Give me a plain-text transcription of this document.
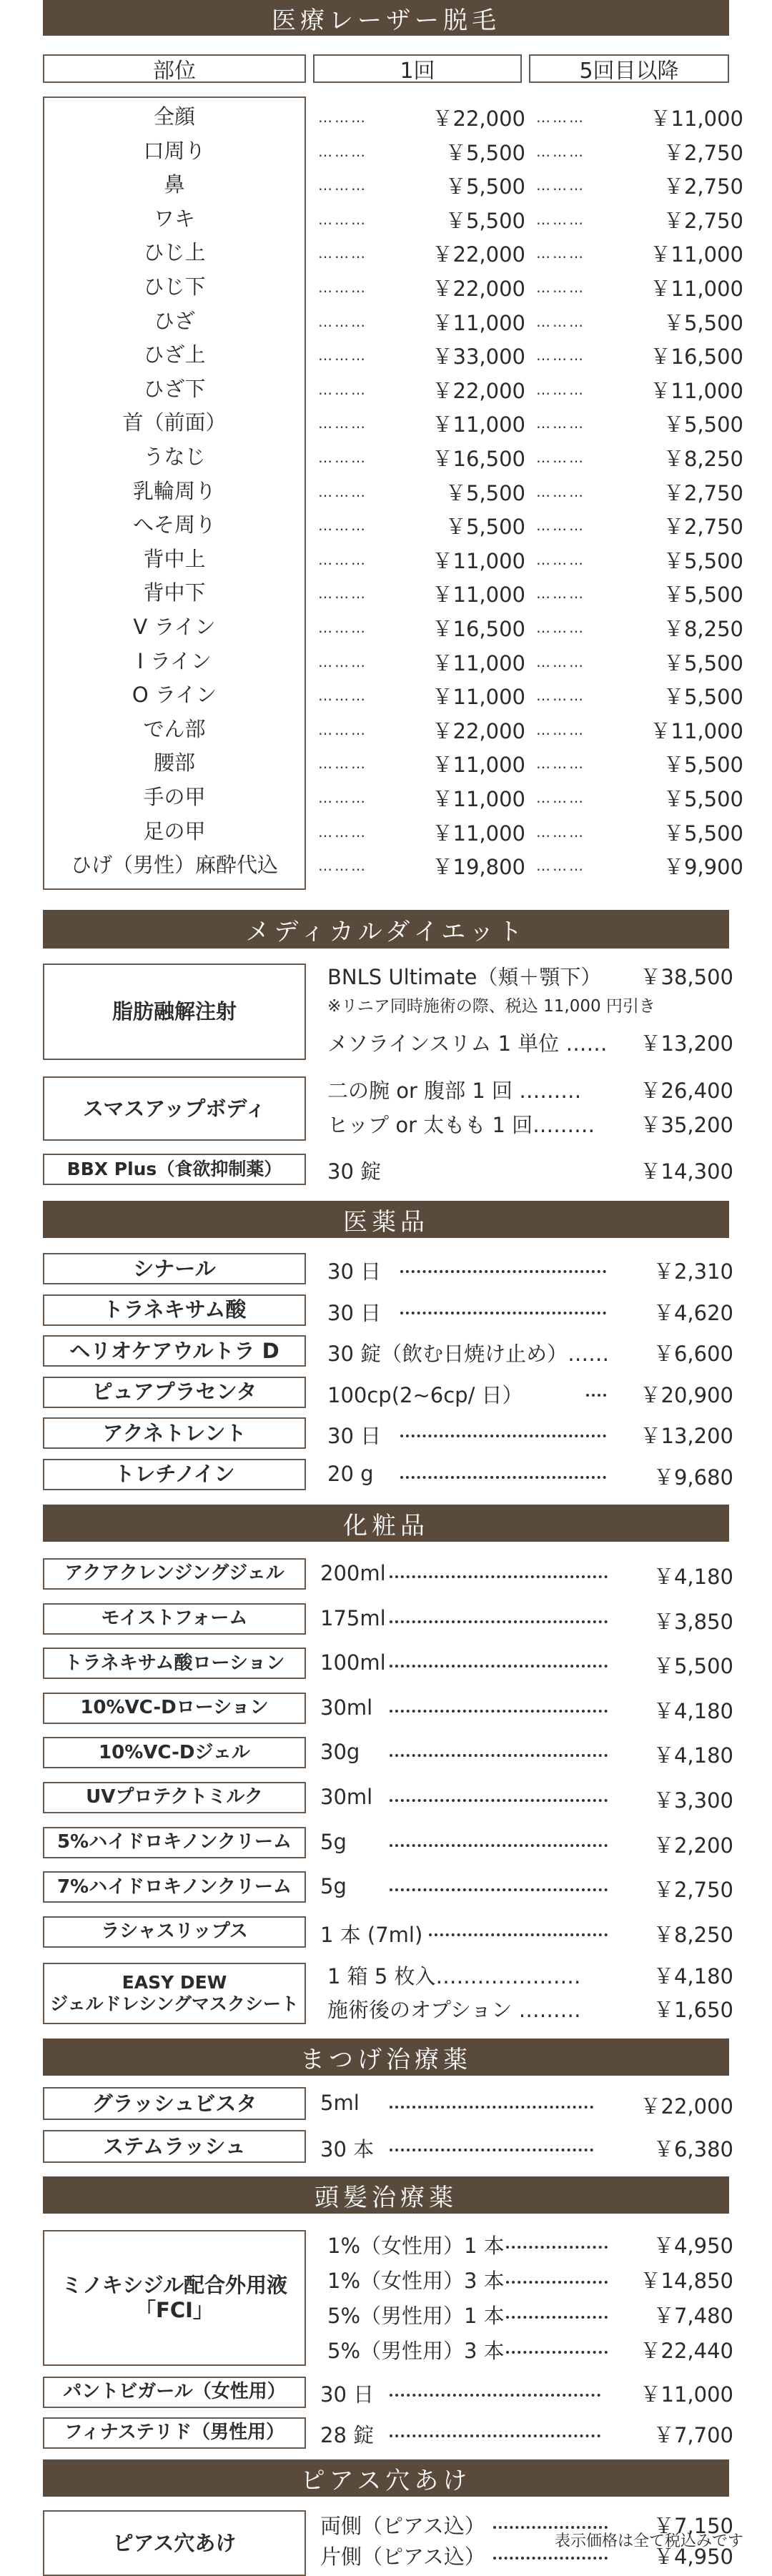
医療レーザー脱毛
部位	1回	5回目以降
全顔	………	￥22,000 ………	￥11,000
口周り	………	￥5,500 ………	￥2,750
鼻	………	￥5,500 ………	￥2,750
ワキ	………	￥5,500 ………	￥2,750
ひじ上	………	￥22,000 ………	￥11,000
ひじ下	………	￥22,000 ………	￥11,000
ひざ	………	￥11,000 ………	￥5,500
ひざ上	………	￥33,000 ………	￥16,500
ひざ下	………	￥22,000 ………	￥11,000
首（前面）	………	￥11,000 ………	￥5,500
うなじ	………	￥16,500 ………	￥8,250
乳輪周り	………	￥5,500 ………	￥2,750
へそ周り	………	￥5,500 ………	￥2,750
背中上	………	￥11,000 ………	￥5,500
背中下	………	￥11,000 ………	￥5,500
V ライン	………	￥16,500 ………	￥8,250
I ライン	………	￥11,000 ………	￥5,500
O ライン	………	￥11,000 ………	￥5,500
でん部	………	￥22,000 ………	￥11,000
腰部	………	￥11,000 ………	￥5,500
手の甲	………	￥11,000 ………	￥5,500
足の甲	………	￥11,000 ………	￥5,500
ひげ（男性）麻酔代込	………	￥19,800 ………	￥9,900
メディカルダイエット
脂肪融解注射
BNLS Ultimate（頬＋顎下） ￥38,500
※リニア同時施術の際、税込 11,000 円引き
メソラインスリム 1 単位 …… ￥13,200
スマスアップボディ
二の腕 or 腹部 1 回 ………	￥26,400
ヒップ or 太もも 1 回……… ￥35,200
BBX Plus（食欲抑制薬）	30 錠	￥14,300
医薬品
シナール	30 日	￥2,310
トラネキサム酸	30 日	￥4,620
ヘリオケアウルトラ D	30 錠（飲む日焼け止め）…… ￥6,600
ピュアプラセンタ	100cp(2~6cp/ 日）	￥20,900
アクネトレント	30 日	￥13,200
トレチノイン	20 g	￥9,680
化粧品
アクアクレンジングジェル	200ml	￥4,180
モイストフォーム	175ml	￥3,850
トラネキサム酸ローション	100ml	￥5,500
10%VC-Dローション	30ml	￥4,180
10%VC-Dジェル	30g	￥4,180
UVプロテクトミルク	30ml	￥3,300
5%ハイドロキノンクリーム	5g	￥2,200
7%ハイドロキノンクリーム	5g	￥2,750
ラシャスリップス	1 本 (7ml)	￥8,250
EASY DEW
ジェルドレシングマスクシート
1 箱 5 枚入…………………	￥4,180
施術後のオプション ………	￥1,650
まつげ治療薬
グラッシュビスタ	5ml	￥22,000
ステムラッシュ	30 本	￥6,380
頭髪治療薬
ミノキシジル配合外用液
「FCI」
1%（女性用）1 本	￥4,950
1%（女性用）3 本	￥14,850
5%（男性用）1 本	￥7,480
5%（男性用）3 本	￥22,440
パントビガール（女性用）	30 日	￥11,000
フィナステリド（男性用）	28 錠	￥7,700
ピアス穴あけ
ピアス穴あけ
両側（ピアス込）	￥7,150
片側（ピアス込）	￥4,950
表示価格は全て税込みです
